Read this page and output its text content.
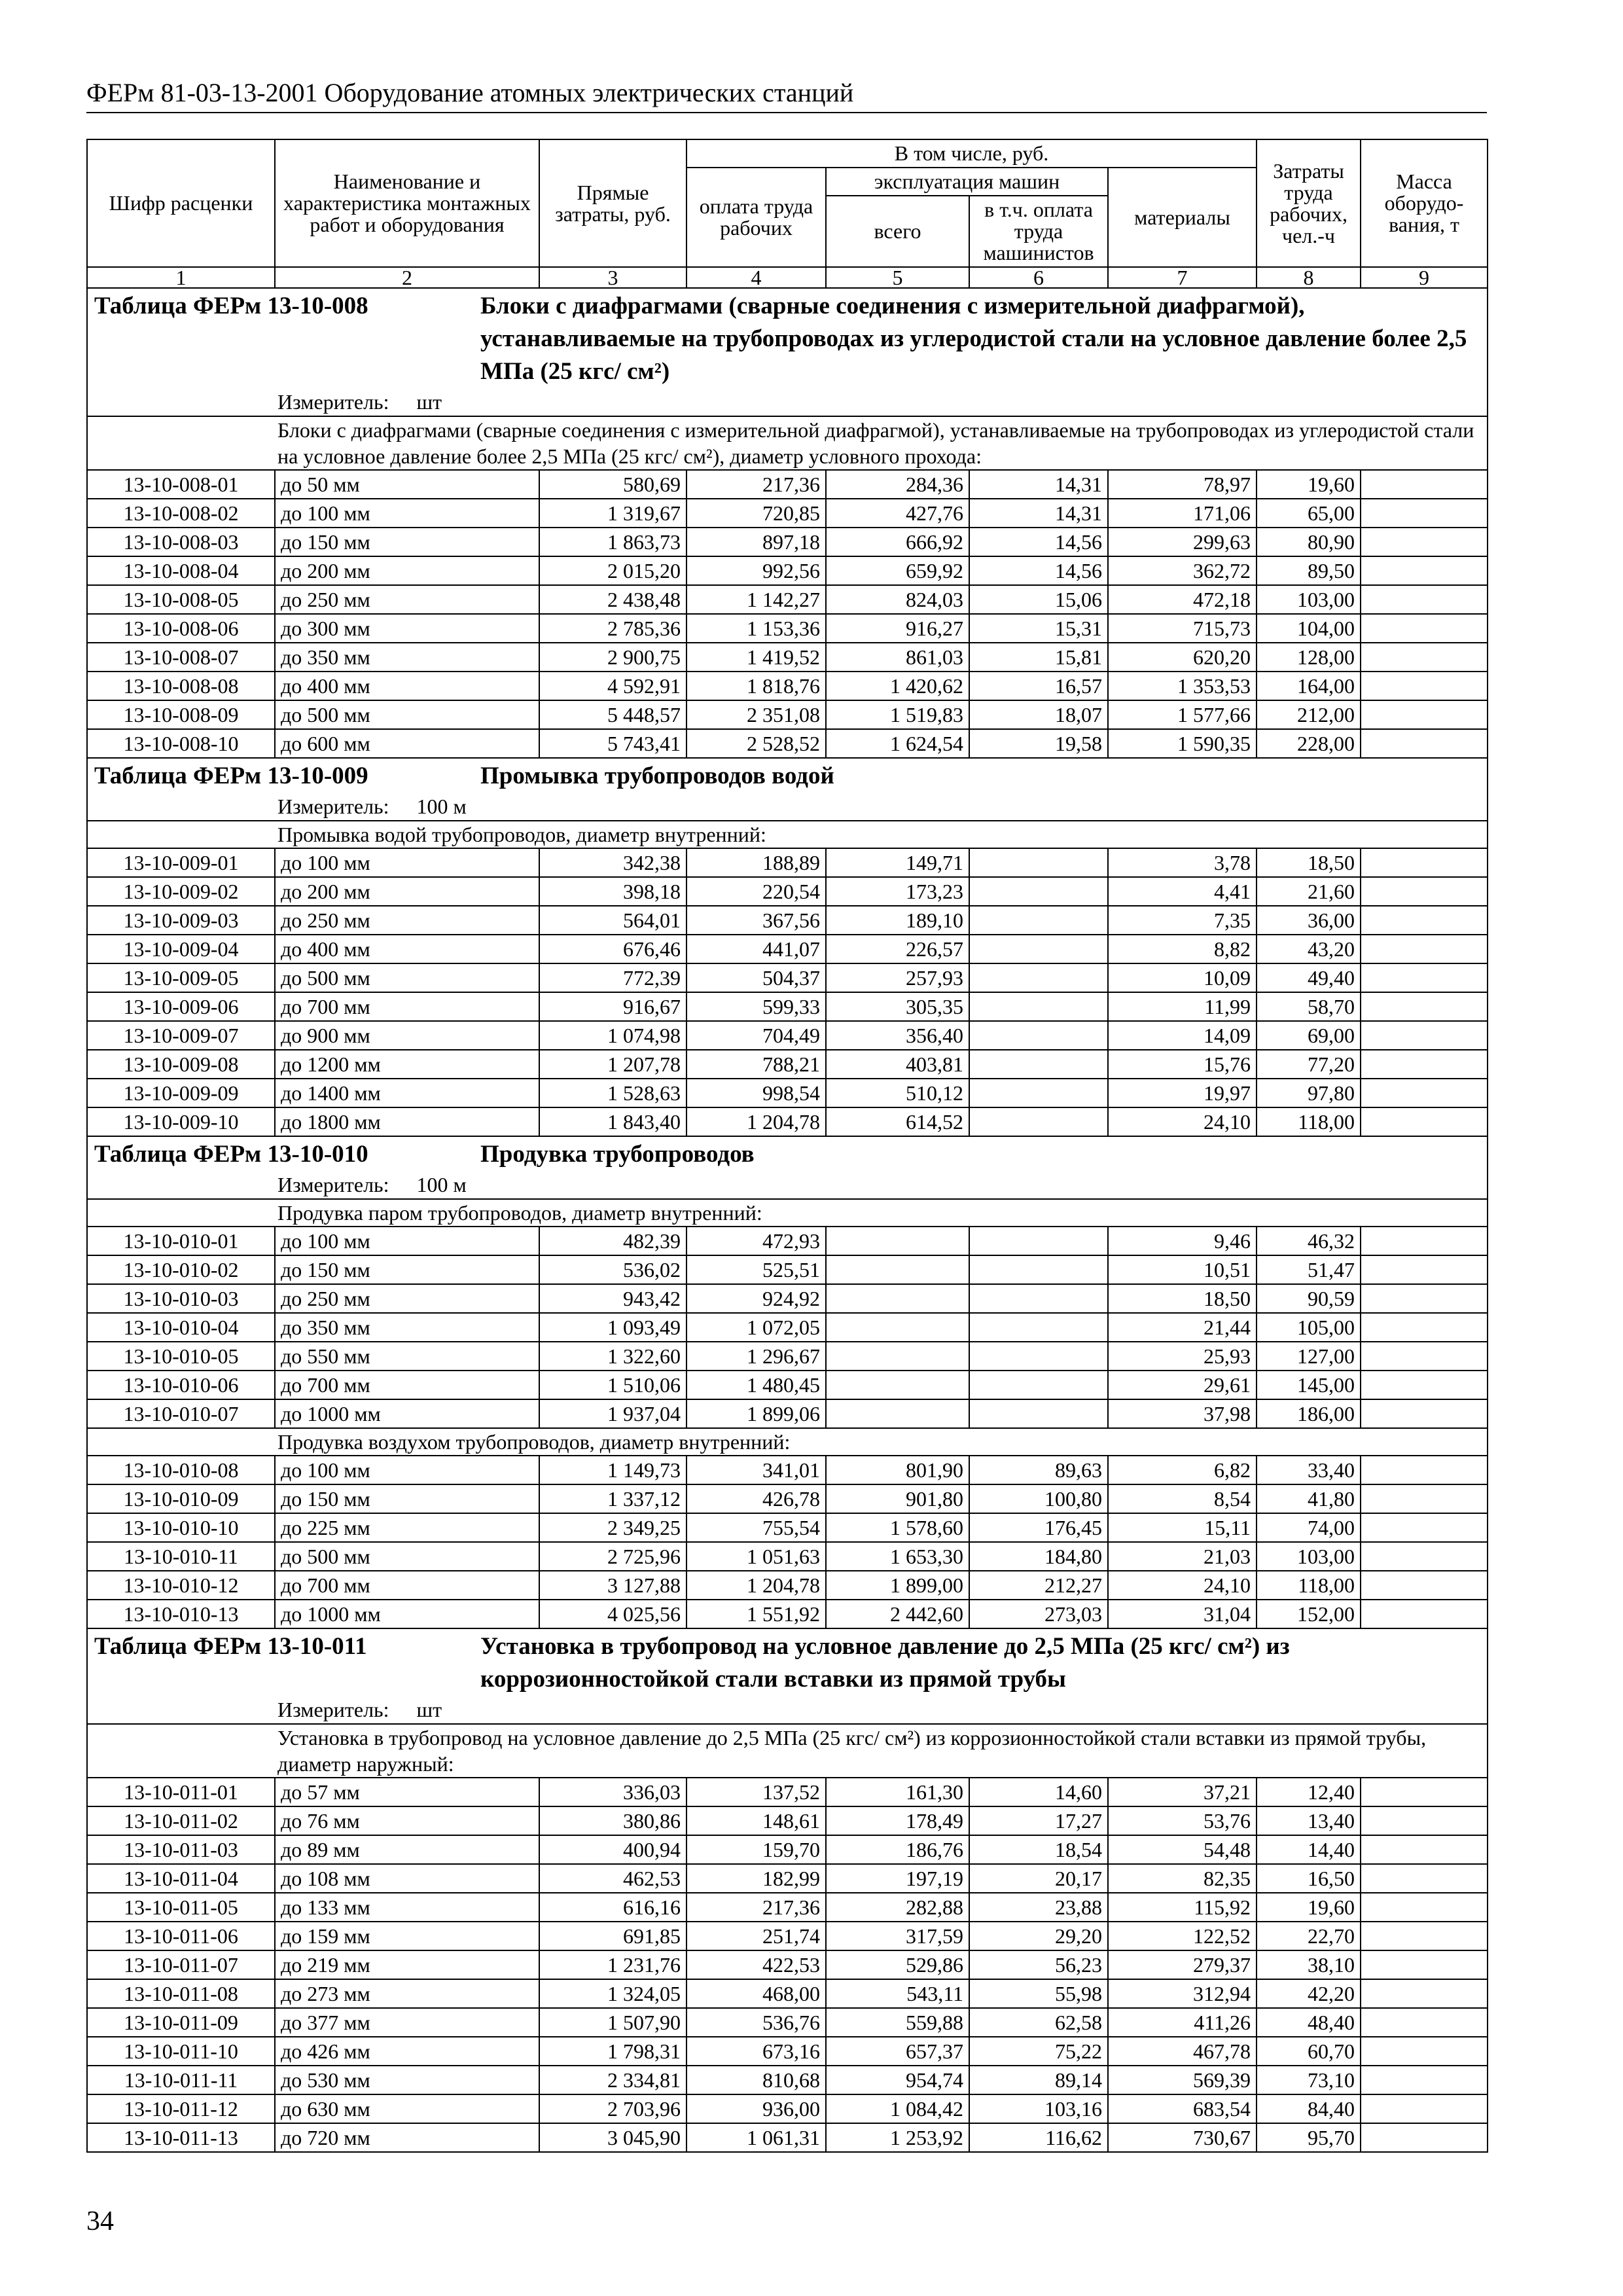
ФЕРм 81-03-13-2001 Оборудование атомных электрических станций
Шифр расценки	Наименование и характеристика монтажных работ и оборудования	Прямые затраты, руб.	В том числе, руб.				Затраты труда рабочих, чел.-ч	Масса оборудо-вания, т
			оплата труда рабочих	эксплуатация машин		материалы		
				всего	в т.ч. оплата труда машинистов			
1	2	3	4	5	6	7	8	9

Таблица ФЕРм 13-10-008 Блоки с диафрагмами (сварные соединения с измерительной диафрагмой), устанавливаемые на трубопроводах из углеродистой стали на условное давление более 2,5 МПа (25 кгс/ см²)								

Измеритель: шт								
Блоки с диафрагмами (сварные соединения с измерительной диафрагмой), устанавливаемые на трубопроводах из углеродистой стали на условное давление более 2,5 МПа (25 кгс/ см²), диаметр условного прохода:								
13-10-008-01	до 50 мм	580,69	217,36	284,36	14,31	78,97	19,60	
13-10-008-02	до 100 мм	1 319,67	720,85	427,76	14,31	171,06	65,00	
13-10-008-03	до 150 мм	1 863,73	897,18	666,92	14,56	299,63	80,90	
13-10-008-04	до 200 мм	2 015,20	992,56	659,92	14,56	362,72	89,50	
13-10-008-05	до 250 мм	2 438,48	1 142,27	824,03	15,06	472,18	103,00	
13-10-008-06	до 300 мм	2 785,36	1 153,36	916,27	15,31	715,73	104,00	
13-10-008-07	до 350 мм	2 900,75	1 419,52	861,03	15,81	620,20	128,00	
13-10-008-08	до 400 мм	4 592,91	1 818,76	1 420,62	16,57	1 353,53	164,00	
13-10-008-09	до 500 мм	5 448,57	2 351,08	1 519,83	18,07	1 577,66	212,00	
13-10-008-10	до 600 мм	5 743,41	2 528,52	1 624,54	19,58	1 590,35	228,00	

Таблица ФЕРм 13-10-009 Промывка трубопроводов водой								

Измеритель: 100 м								
Промывка водой трубопроводов, диаметр внутренний:								
13-10-009-01	до 100 мм	342,38	188,89	149,71		3,78	18,50	
13-10-009-02	до 200 мм	398,18	220,54	173,23		4,41	21,60	
13-10-009-03	до 250 мм	564,01	367,56	189,10		7,35	36,00	
13-10-009-04	до 400 мм	676,46	441,07	226,57		8,82	43,20	
13-10-009-05	до 500 мм	772,39	504,37	257,93		10,09	49,40	
13-10-009-06	до 700 мм	916,67	599,33	305,35		11,99	58,70	
13-10-009-07	до 900 мм	1 074,98	704,49	356,40		14,09	69,00	
13-10-009-08	до 1200 мм	1 207,78	788,21	403,81		15,76	77,20	
13-10-009-09	до 1400 мм	1 528,63	998,54	510,12		19,97	97,80	
13-10-009-10	до 1800 мм	1 843,40	1 204,78	614,52		24,10	118,00	

Таблица ФЕРм 13-10-010 Продувка трубопроводов								

Измеритель: 100 м								
Продувка паром трубопроводов, диаметр внутренний:								
13-10-010-01	до 100 мм	482,39	472,93			9,46	46,32	
13-10-010-02	до 150 мм	536,02	525,51			10,51	51,47	
13-10-010-03	до 250 мм	943,42	924,92			18,50	90,59	
13-10-010-04	до 350 мм	1 093,49	1 072,05			21,44	105,00	
13-10-010-05	до 550 мм	1 322,60	1 296,67			25,93	127,00	
13-10-010-06	до 700 мм	1 510,06	1 480,45			29,61	145,00	
13-10-010-07	до 1000 мм	1 937,04	1 899,06			37,98	186,00	
Продувка воздухом трубопроводов, диаметр внутренний:								
13-10-010-08	до 100 мм	1 149,73	341,01	801,90	89,63	6,82	33,40	
13-10-010-09	до 150 мм	1 337,12	426,78	901,80	100,80	8,54	41,80	
13-10-010-10	до 225 мм	2 349,25	755,54	1 578,60	176,45	15,11	74,00	
13-10-010-11	до 500 мм	2 725,96	1 051,63	1 653,30	184,80	21,03	103,00	
13-10-010-12	до 700 мм	3 127,88	1 204,78	1 899,00	212,27	24,10	118,00	
13-10-010-13	до 1000 мм	4 025,56	1 551,92	2 442,60	273,03	31,04	152,00	

Таблица ФЕРм 13-10-011 Установка в трубопровод на условное давление до 2,5 МПа (25 кгс/ см²) из коррозионностойкой стали вставки из прямой трубы								

Измеритель: шт								
Установка в трубопровод на условное давление до 2,5 МПа (25 кгс/ см²) из коррозионностойкой стали вставки из прямой трубы, диаметр наружный:								
13-10-011-01	до 57 мм	336,03	137,52	161,30	14,60	37,21	12,40	
13-10-011-02	до 76 мм	380,86	148,61	178,49	17,27	53,76	13,40	
13-10-011-03	до 89 мм	400,94	159,70	186,76	18,54	54,48	14,40	
13-10-011-04	до 108 мм	462,53	182,99	197,19	20,17	82,35	16,50	
13-10-011-05	до 133 мм	616,16	217,36	282,88	23,88	115,92	19,60	
13-10-011-06	до 159 мм	691,85	251,74	317,59	29,20	122,52	22,70	
13-10-011-07	до 219 мм	1 231,76	422,53	529,86	56,23	279,37	38,10	
13-10-011-08	до 273 мм	1 324,05	468,00	543,11	55,98	312,94	42,20	
13-10-011-09	до 377 мм	1 507,90	536,76	559,88	62,58	411,26	48,40	
13-10-011-10	до 426 мм	1 798,31	673,16	657,37	75,22	467,78	60,70	
13-10-011-11	до 530 мм	2 334,81	810,68	954,74	89,14	569,39	73,10	
13-10-011-12	до 630 мм	2 703,96	936,00	1 084,42	103,16	683,54	84,40	
13-10-011-13	до 720 мм	3 045,90	1 061,31	1 253,92	116,62	730,67	95,70	
34
